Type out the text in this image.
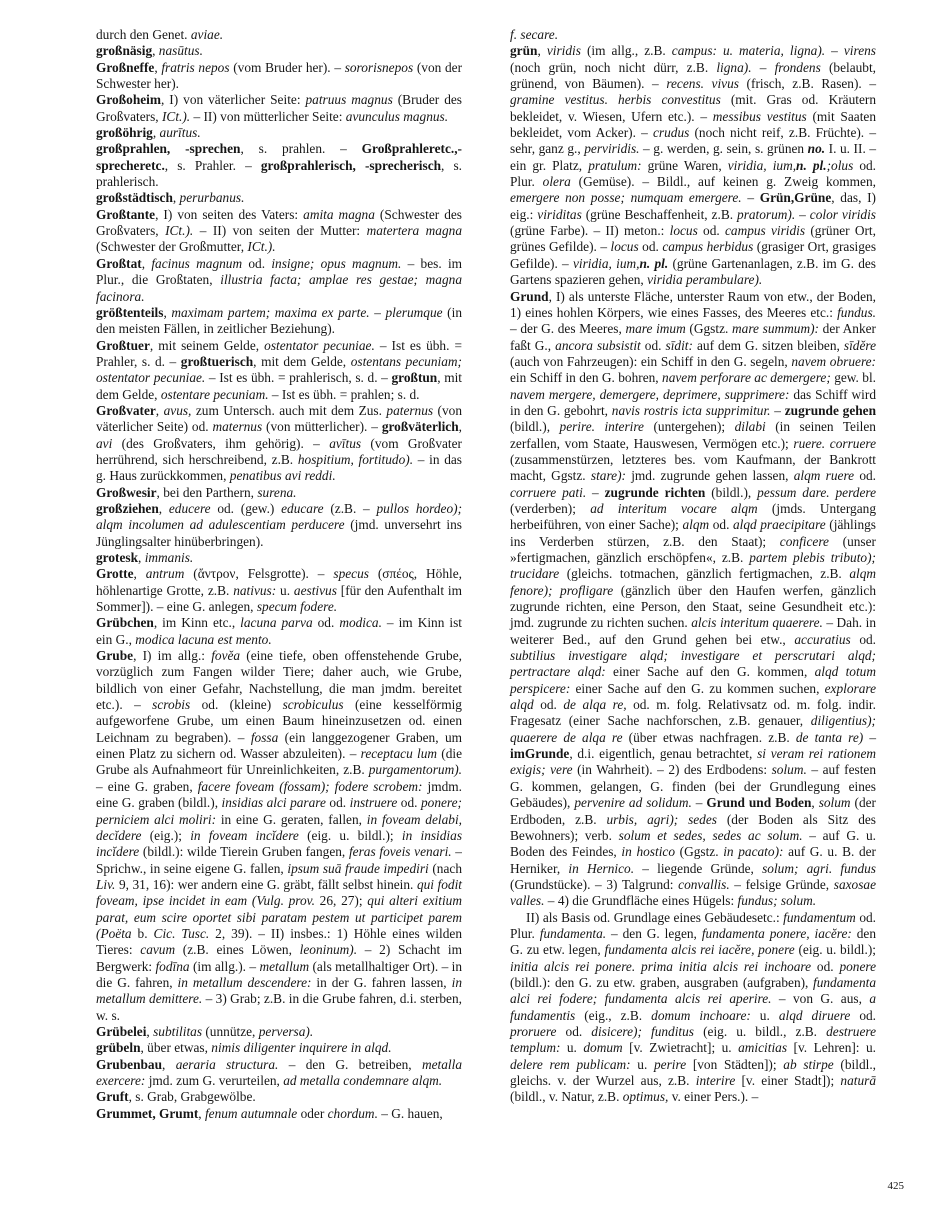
durch den Genet. aviae.

großnäsig, nasūtus.

Großneffe, fratris nepos (vom Bruder her). – sororisnepos (von der Schwester her).

Großoheim, I) von väterlicher Seite: patruus magnus (Bruder des Großvaters, ICt.). – II) von mütterlicher Seite: avunculus magnus.

großöhrig, aurītus.

großprahlen, -sprechen, s. prahlen. – Großprahleretc.,-sprecheretc., s. Prahler. – großprahlerisch, -sprecherisch, s. prahlerisch.

großstädtisch, perurbanus.

Großtante, I) von seiten des Vaters: amita magna (Schwester des Großvaters, ICt.). – II) von seiten der Mutter: matertera magna (Schwester der Großmutter, ICt.).

Großtat, facinus magnum od. insigne; opus magnum. – bes. im Plur., die Großtaten, illustria facta; amplae res gestae; magna facinora.

größtenteils, maximam partem; maxima ex parte. – plerumque (in den meisten Fällen, in zeitlicher Beziehung).

Großtuer, mit seinem Gelde, ostentator pecuniae. – Ist es übh. = Prahler, s. d. – großtuerisch, mit dem Gelde, ostentans pecuniam; ostentator pecuniae. – Ist es übh. = prahlerisch, s. d. – großtun, mit dem Gelde, ostentare pecuniam. – Ist es übh. = prahlen; s. d.

Großvater, avus, zum Untersch. auch mit dem Zus. paternus (von väterlicher Seite) od. maternus (von mütterlicher). – großväterlich, avi (des Großvaters, ihm gehörig). – avītus (vom Großvater herrührend, sich herschreibend, z.B. hospitium, fortitudo). – in das g. Haus zurückkommen, penatibus avi reddi.

Großwesir, bei den Parthern, surena.

großziehen, educere od. (gew.) educare (z.B. – pullos hordeo); alqm incolumen ad adulescentiam perducere (jmd. unversehrt ins Jünglingsalter hinüberbringen).

grotesk, immanis.

Grotte, antrum (ἄντρον, Felsgrotte). – specus (σπέος, Höhle, höhlenartige Grotte, z.B. nativus: u. aestivus [für den Aufenthalt im Sommer]). – eine G. anlegen, specum fodere.

Grübchen, im Kinn etc., lacuna parva od. modica. – im Kinn ist ein G., modica lacuna est mento.

Grube, I) im allg.: fovĕa (eine tiefe, oben offenstehende Grube, vorzüglich zum Fangen wilder Tiere; daher auch, wie Grube, bildlich von einer Gefahr, Nachstellung, die man jmdm. bereitet etc.). – scrobis od. (kleine) scrobiculus (eine kesselförmig aufgeworfene Grube, um einen Baum hineinzusetzen od. einen Leichnam zu begraben). – fossa (ein langgezogener Graben, um einen Platz zu sichern od. Wasser abzuleiten). – receptacu lum (die Grube als Aufnahmeort für Unreinlichkeiten, z.B. purgamentorum). – eine G. graben, facere foveam (fossam); fodere scrobem: jmdm. eine G. graben (bildl.), insidias alci parare od. instruere od. ponere; perniciem alci moliri: in eine G. geraten, fallen, in foveam delabi, decĭdere (eig.); in foveam incĭdere (eig. u. bildl.); in insidias incĭdere (bildl.): wilde Tierein Gruben fangen, feras foveis venari. – Sprichw., in seine eigene G. fallen, ipsum suā fraude impediri (nach Liv. 9, 31, 16): wer andern eine G. gräbt, fällt selbst hinein. qui fodit foveam, ipse incidet in eam (Vulg. prov. 26, 27); qui alteri exitium parat, eum scire oportet sibi paratam pestem ut participet parem (Poëta b. Cic. Tusc. 2, 39). – II) insbes.: 1) Höhle eines wilden Tieres: cavum (z.B. eines Löwen, leoninum). – 2) Schacht im Bergwerk: fodīna (im allg.). – metallum (als metallhaltiger Ort). – in die G. fahren, in metallum descendere: in der G. fahren lassen, in metallum demittere. – 3) Grab; z.B. in die Grube fahren, d.i. sterben, w. s.

Grübelei, subtilitas (unnütze, perversa).

grübeln, über etwas, nimis diligenter inquirere in alqd.

Grubenbau, aeraria structura. – den G. betreiben, metalla exercere: jmd. zum G. verurteilen, ad metalla condemnare alqm.

Gruft, s. Grab, Grabgewölbe.

Grummet, Grumt, fenum autumnale oder chordum. – G. hauen,

f. secare.

grün, viridis (im allg., z.B. campus: u. materia, ligna). – virens (noch grün, noch nicht dürr, z.B. ligna). – frondens (belaubt, grünend, von Bäumen). – recens. vivus (frisch, z.B. Rasen). – gramine vestitus. herbis convestitus (mit. Gras od. Kräutern bekleidet, v. Wiesen, Ufern etc.). – messibus vestitus (mit Saaten bekleidet, vom Acker). – crudus (noch nicht reif, z.B. Früchte). – sehr, ganz g., perviridis. – g. werden, g. sein, s. grünen no. I. u. II. – ein gr. Platz, pratulum: grüne Waren, viridia, ium,n. pl.;olus od. Plur. olera (Gemüse). – Bildl., auf keinen g. Zweig kommen, emergere non posse; numquam emergere. – Grün,Grüne, das, I) eig.: viriditas (grüne Beschaffenheit, z.B. pratorum). – color viridis (grüne Farbe). – II) meton.: locus od. campus viridis (grüner Ort, grünes Gefilde). – locus od. campus herbidus (grasiger Ort, grasiges Gefilde). – viridia, ium,n. pl. (grüne Gartenanlagen, z.B. im G. des Gartens spazieren gehen, viridia perambulare).

Grund, I) als unterste Fläche, unterster Raum von etw., der Boden, 1) eines hohlen Körpers, wie eines Fasses, des Meeres etc.: fundus. – der G. des Meeres, mare imum (Ggstz. mare summum): der Anker faßt G., ancora subsistit od. sīdit: auf dem G. sitzen bleiben, sīdĕre (auch von Fahrzeugen): ein Schiff in den G. segeln, navem obruere: ein Schiff in den G. bohren, navem perforare ac demergere; gew. bl. navem mergere, demergere, deprimere, supprimere: das Schiff wird in den G. gebohrt, navis rostris icta supprimitur. – zugrunde gehen (bildl.), perire. interire (untergehen); dilabi (in seinen Teilen zerfallen, vom Staate, Hauswesen, Vermögen etc.); ruere. corruere (zusammenstürzen, letzteres bes. vom Kaufmann, der Bankrott macht, Ggstz. stare): jmd. zugrunde gehen lassen, alqm ruere od. corruere pati. – zugrunde richten (bildl.), pessum dare. perdere (verderben); ad interitum vocare alqm (jmds. Untergang herbeiführen, von einer Sache); alqm od. alqd praecipitare (jählings ins Verderben stürzen, z.B. den Staat); conficere (unser »fertigmachen, gänzlich erschöpfen«, z.B. partem plebis tributo); trucidare (gleichs. totmachen, gänzlich fertigmachen, z.B. alqm fenore); profligare (gänzlich über den Haufen werfen, gänzlich zugrunde richten, eine Person, den Staat, seine Gesundheit etc.): jmd. zugrunde zu richten suchen. alcis interitum quaerere. – Dah. in weiterer Bed., auf den Grund gehen bei etw., accuratius od. subtilius investigare alqd; investigare et perscrutari alqd; pertractare alqd: einer Sache auf den G. kommen, alqd totum perspicere: einer Sache auf den G. zu kommen suchen, explorare alqd od. de alqa re, od. m. folg. Relativsatz od. m. folg. indir. Fragesatz (einer Sache nachforschen, z.B. genauer, diligentius); quaerere de alqa re (über etwas nachfragen. z.B. de tanta re) – imGrunde, d.i. eigentlich, genau betrachtet, si veram rei rationem exigis; vere (in Wahrheit). – 2) des Erdbodens: solum. – auf festen G. kommen, gelangen, G. finden (bei der Grundlegung eines Gebäudes), pervenire ad solidum. – Grund und Boden, solum (der Erdboden, z.B. urbis, agri); sedes (der Boden als Sitz des Bewohners); verb. solum et sedes, sedes ac solum. – auf G. u. Boden des Feindes, in hostico (Ggstz. in pacato): auf G. u. B. der Herniker, in Hernico. – liegende Gründe, solum; agri. fundus (Grundstücke). – 3) Talgrund: convallis. – felsige Gründe, saxosae valles. – 4) die Grundfläche eines Hügels: fundus; solum.

II) als Basis od. Grundlage eines Gebäudesetc.: fundamentum od. Plur. fundamenta. – den G. legen, fundamenta ponere, iacĕre: den G. zu etw. legen, fundamenta alcis rei iacĕre, ponere (eig. u. bildl.); initia alcis rei ponere. prima initia alcis rei inchoare od. ponere (bildl.): den G. zu etw. graben, ausgraben (aufgraben), fundamenta alci rei fodere; fundamenta alcis rei aperire. – von G. aus, a fundamentis (eig., z.B. domum inchoare: u. alqd diruere od. proruere od. disicere); funditus (eig. u. bildl., z.B. destruere templum: u. domum [v. Zwietracht]; u. amicitias [v. Lehren]: u. delere rem publicam: u. perire [von Städten]); ab stirpe (bildl., gleichs. v. der Wurzel aus, z.B. interire [v. einer Stadt]); naturā (bildl., v. Natur, z.B. optimus, v. einer Pers.). –

425
